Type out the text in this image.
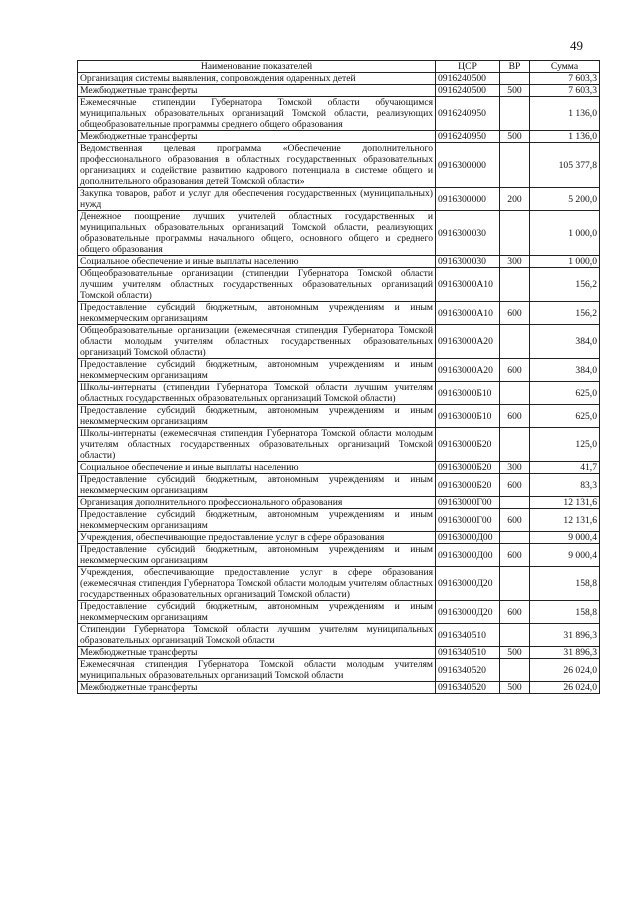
49
Наименование показателей	ЦСР	ВР	Сумма
Организация системы выявления, сопровождения одаренных детей	0916240500		7 603,3
Межбюджетные трансферты	0916240500	500	7 603,3
Ежемесячные стипендии Губернатора Томской области обучающимся муниципальных образовательных организаций Томской области, реализующих общеобразовательные программы среднего общего образования	0916240950		1 136,0
Межбюджетные трансферты	0916240950	500	1 136,0
Ведомственная целевая программа «Обеспечение дополнительного профессионального образования в областных государственных образовательных организациях и содействие развитию кадрового потенциала в системе общего и дополнительного образования детей Томской области»	0916300000		105 377,8
Закупка товаров, работ и услуг для обеспечения государственных (муниципальных) нужд	0916300000	200	5 200,0
Денежное поощрение лучших учителей областных государственных и муниципальных образовательных организаций Томской области, реализующих образовательные программы начального общего, основного общего и среднего общего образования	0916300030		1 000,0
Социальное обеспечение и иные выплаты населению	0916300030	300	1 000,0
Общеобразовательные организации (стипендии Губернатора Томской области лучшим учителям областных государственных образовательных организаций Томской области)	09163000А10		156,2
Предоставление субсидий бюджетным, автономным учреждениям и иным некоммерческим организациям	09163000А10	600	156,2
Общеобразовательные организации (ежемесячная стипендия Губернатора Томской области молодым учителям областных государственных образовательных организаций Томской области)	09163000А20		384,0
Предоставление субсидий бюджетным, автономным учреждениям и иным некоммерческим организациям	09163000А20	600	384,0
Школы-интернаты (стипендии Губернатора Томской области лучшим учителям областных государственных образовательных организаций Томской области)	09163000Б10		625,0
Предоставление субсидий бюджетным, автономным учреждениям и иным некоммерческим организациям	09163000Б10	600	625,0
Школы-интернаты (ежемесячная стипендия Губернатора Томской области молодым учителям областных государственных образовательных организаций Томской области)	09163000Б20		125,0
Социальное обеспечение и иные выплаты населению	09163000Б20	300	41,7
Предоставление субсидий бюджетным, автономным учреждениям и иным некоммерческим организациям	09163000Б20	600	83,3
Организация дополнительного профессионального образования	09163000Г00		12 131,6
Предоставление субсидий бюджетным, автономным учреждениям и иным некоммерческим организациям	09163000Г00	600	12 131,6
Учреждения, обеспечивающие предоставление услуг в сфере образования	09163000Д00		9 000,4
Предоставление субсидий бюджетным, автономным учреждениям и иным некоммерческим организациям	09163000Д00	600	9 000,4
Учреждения, обеспечивающие предоставление услуг в сфере образования (ежемесячная стипендия Губернатора Томской области молодым учителям областных государственных образовательных организаций Томской области)	09163000Д20		158,8
Предоставление субсидий бюджетным, автономным учреждениям и иным некоммерческим организациям	09163000Д20	600	158,8
Стипендии Губернатора Томской области лучшим учителям муниципальных образовательных организаций Томской области	0916340510		31 896,3
Межбюджетные трансферты	0916340510	500	31 896,3
Ежемесячная стипендия Губернатора Томской области молодым учителям муниципальных образовательных организаций Томской области	0916340520		26 024,0
Межбюджетные трансферты	0916340520	500	26 024,0
